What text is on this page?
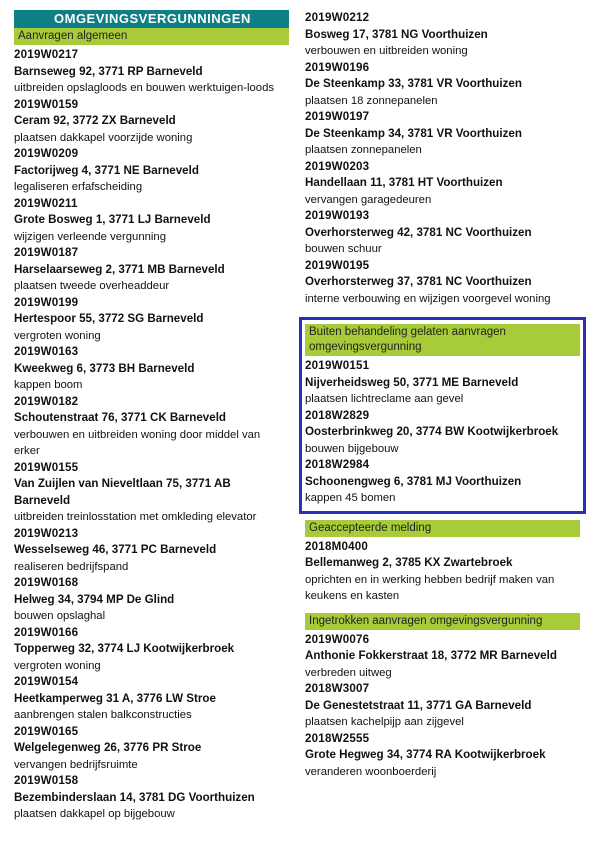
OMGEVINGSVERGUNNINGEN
Aanvragen algemeen
2019W0217
Barnseweg 92, 3771 RP Barneveld
uitbreiden opslagloods en bouwen werktuigen-loods
2019W0159
Ceram 92, 3772 ZX Barneveld
plaatsen dakkapel voorzijde woning
2019W0209
Factorijweg 4, 3771 NE Barneveld
legaliseren erfafscheiding
2019W0211
Grote Bosweg 1, 3771 LJ Barneveld
wijzigen verleende vergunning
2019W0187
Harselaarseweg 2, 3771 MB Barneveld
plaatsen tweede overheaddeur
2019W0199
Hertespoor 55, 3772 SG Barneveld
vergroten woning
2019W0163
Kweekweg 6, 3773 BH Barneveld
kappen boom
2019W0182
Schoutenstraat 76, 3771 CK Barneveld
verbouwen en uitbreiden woning door middel van erker
2019W0155
Van Zuijlen van Nieveltlaan 75, 3771 AB Barneveld
uitbreiden treinlosstation met omkleding elevator
2019W0213
Wesselseweg 46, 3771 PC Barneveld
realiseren bedrijfspand
2019W0168
Helweg 34, 3794 MP De Glind
bouwen opslaghal
2019W0166
Topperweg 32, 3774 LJ Kootwijkerbroek
vergroten woning
2019W0154
Heetkamperweg 31 A, 3776 LW Stroe
aanbrengen stalen balkconstructies
2019W0165
Welgelegenweg 26, 3776 PR Stroe
vervangen bedrijfsruimte
2019W0158
Bezembinderslaan 14, 3781 DG Voorthuizen
plaatsen dakkapel op bijgebouw
2019W0212
Bosweg 17, 3781 NG Voorthuizen
verbouwen en uitbreiden woning
2019W0196
De Steenkamp 33, 3781 VR Voorthuizen
plaatsen 18 zonnepanelen
2019W0197
De Steenkamp 34, 3781 VR Voorthuizen
plaatsen zonnepanelen
2019W0203
Handellaan 11, 3781 HT Voorthuizen
vervangen garagedeuren
2019W0193
Overhorsterweg 42, 3781 NC Voorthuizen
bouwen schuur
2019W0195
Overhorsterweg 37, 3781 NC Voorthuizen
interne verbouwing en wijzigen voorgevel woning
Buiten behandeling gelaten aanvragen omgevingsvergunning
2019W0151
Nijverheidsweg 50, 3771 ME Barneveld
plaatsen lichtreclame aan gevel
2018W2829
Oosterbrinkweg 20, 3774 BW Kootwijkerbroek
bouwen bijgebouw
2018W2984
Schoonengweg 6, 3781 MJ Voorthuizen
kappen 45 bomen
Geaccepteerde melding
2018M0400
Bellemanweg 2, 3785 KX Zwartebroek
oprichten en in werking hebben bedrijf maken van keukens en kasten
Ingetrokken aanvragen omgevingsvergunning
2019W0076
Anthonie Fokkerstraat 18, 3772 MR Barneveld
verbreden uitweg
2018W3007
De Genestetstraat 11, 3771 GA Barneveld
plaatsen kachelpijp aan zijgevel
2018W2555
Grote Hegweg 34, 3774 RA Kootwijkerbroek
veranderen woonboerderij
